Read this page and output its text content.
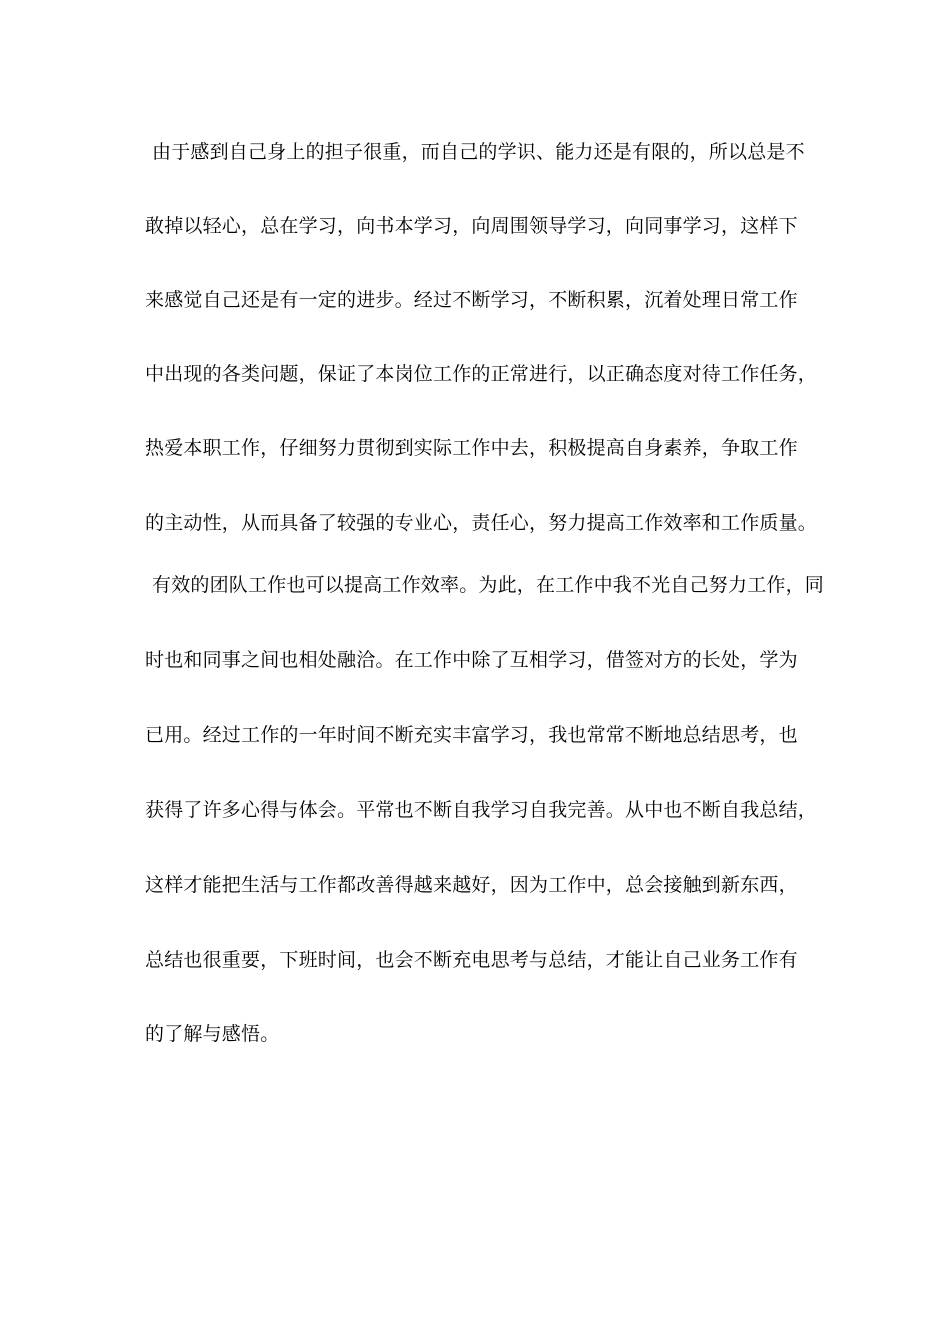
由于感到自己身上的担子很重，而自己的学识、能力还是有限的，所以总是不
敢掉以轻心，总在学习，向书本学习，向周围领导学习，向同事学习，这样下
来感觉自己还是有一定的进步。经过不断学习，不断积累，沉着处理日常工作
中出现的各类问题，保证了本岗位工作的正常进行，以正确态度对待工作任务，
热爱本职工作，仔细努力贯彻到实际工作中去，积极提高自身素养，争取工作
的主动性，从而具备了较强的专业心，责任心，努力提高工作效率和工作质量。
有效的团队工作也可以提高工作效率。为此，在工作中我不光自己努力工作，同
时也和同事之间也相处融洽。在工作中除了互相学习，借签对方的长处，学为
已用。经过工作的一年时间不断充实丰富学习，我也常常不断地总结思考，也
获得了许多心得与体会。平常也不断自我学习自我完善。从中也不断自我总结，
这样才能把生活与工作都改善得越来越好，因为工作中，总会接触到新东西，
总结也很重要，下班时间，也会不断充电思考与总结，才能让自己业务工作有
的了解与感悟。
